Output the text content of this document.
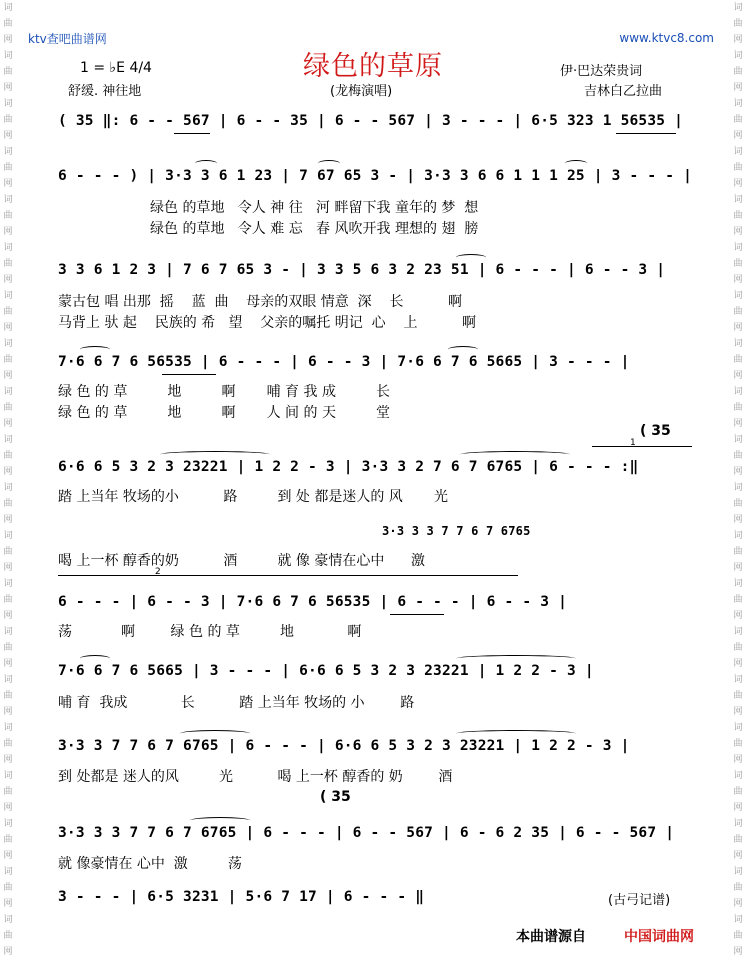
词
曲
网
词
曲
网
词
曲
网
词
曲
网
词
曲
网
词
曲
网
词
曲
网
词
曲
网
词
曲
网
词
曲
网
词
曲
网
词
曲
网
词
曲
网
词
曲
网
词
曲
网
词
曲
网
词
曲
网
词
曲
网
词
曲
网
词
曲
网

词
曲
网
词
曲
网
词
曲
网
词
曲
网
词
曲
网
词
曲
网
词
曲
网
词
曲
网
词
曲
网
词
曲
网
词
曲
网
词
曲
网
词
曲
网
词
曲
网
词
曲
网
词
曲
网
词
曲
网
词
曲
网
词
曲
网
词
曲
网

ktv查吧曲谱网	www.ktvc8.com
绿色的草原
1 = ♭E 4/4
舒缓. 神往地	(龙梅演唱)
伊·巴达荣贵词
吉林白乙拉曲
( 35 ‖: 6 - - 567 | 6 - - 35 | 6 - - 567 | 3 - - - | 6·5 323 1 56535 |
6 - - - ) | 3·3 3 6 1 23 | 7 67 65 3 - | 3·3 3 6 6 1 1 1 25 | 3 - - - |
绿色 的草地   令人 神 往   河 畔留下我 童年的 梦  想
绿色 的草地   令人 难 忘   春 风吹开我 理想的 翅  膀
3 3 6 1 2 3 | 7 6 7 65 3 - | 3 3 5 6 3 2 23 51 | 6 - - - | 6 - - 3 |
蒙古包 唱 出那  摇    蓝  曲    母亲的双眼 情意  深    长          啊
马背上 驮 起    民族的 希   望    父亲的嘱托 明记  心    上          啊
7·6 6 7 6 56535 | 6 - - - | 6 - - 3 | 7·6 6 7 6 5665 | 3 - - - |
绿 色 的 草         地         啊       哺 育 我 成         长
绿 色 的 草         地         啊       人 间 的 天         堂
( 35
1
6·6 6 5 3 2 3 23221 | 1 2 2 - 3 | 3·3 3 2 7 6 7 6765 | 6 - - - :‖
踏 上当年 牧场的小          路         到 处 都是迷人的 风       光
3·3 3 3 7 7 6 7 6765
喝 上一杯 醇香的奶          酒         就 像 豪情在心中      激
2
6 - - - | 6 - - 3 | 7·6 6 7 6 56535 | 6 - - - | 6 - - 3 |
荡           啊        绿 色 的 草         地            啊
7·6 6 7 6 5665 | 3 - - - | 6·6 6 5 3 2 3 23221 | 1 2 2 - 3 |
哺 育  我成            长          踏 上当年 牧场的 小        路
3·3 3 7 7 6 7 6765 | 6 - - - | 6·6 6 5 3 2 3 23221 | 1 2 2 - 3 |
到 处都是 迷人的风         光          喝 上一杯 醇香的 奶        酒
( 35
3·3 3 3 7 7 6 7 6765 | 6 - - - | 6 - - 567 | 6 - 6 2 35 | 6 - - 567 |
就 像豪情在 心中  激         荡
3 - - - | 6·5 3231 | 5·6 7 17 | 6 - - - ‖	(古弓记谱)
本曲谱源自	中国词曲网
